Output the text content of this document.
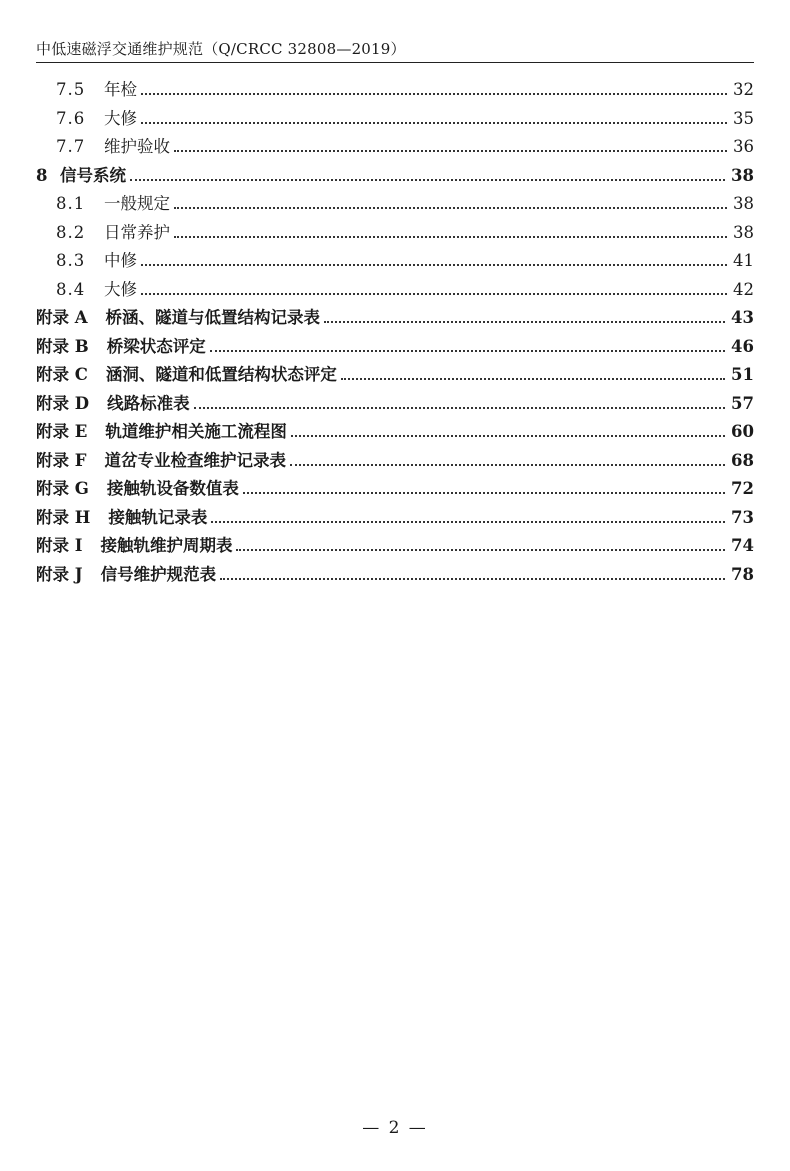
中低速磁浮交通维护规范（Q/CRCC 32808—2019）
7.5	年检	32
7.6	大修	35
7.7	维护验收	36
8 信号系统	38
8.1	一般规定	38
8.2	日常养护	38
8.3	中修	41
8.4	大修	42
附录 A	桥涵、隧道与低置结构记录表	43
附录 B	桥梁状态评定	46
附录 C	涵洞、隧道和低置结构状态评定	51
附录 D	线路标准表	57
附录 E	轨道维护相关施工流程图	60
附录 F	道岔专业检查维护记录表	68
附录 G	接触轨设备数值表	72
附录 H	接触轨记录表	73
附录 I	接触轨维护周期表	74
附录 J	信号维护规范表	78
— 2 —
